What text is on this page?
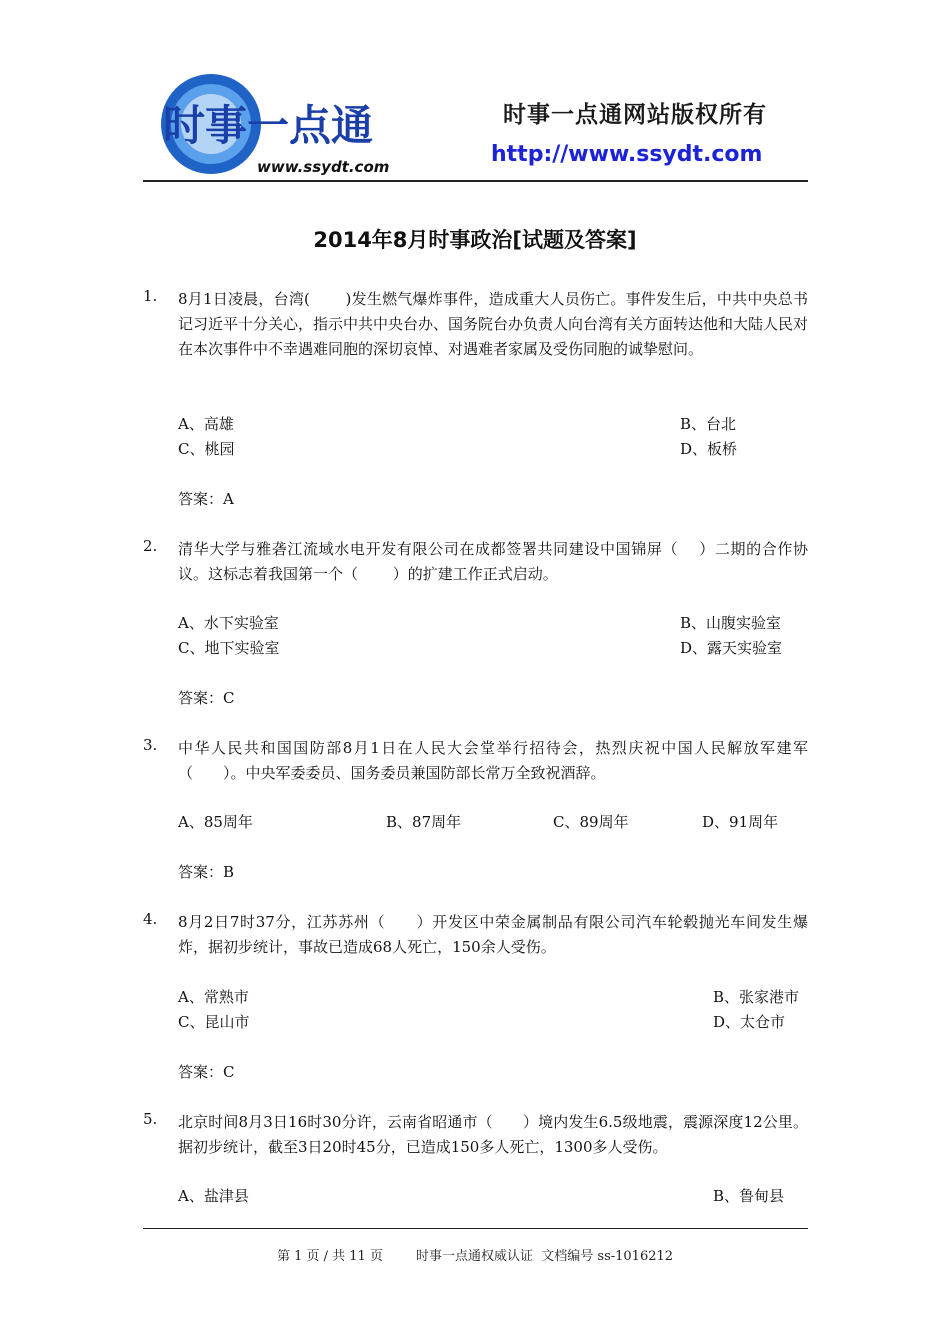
时事一点通
www.ssydt.com
时事一点通网站版权所有
http://www.ssydt.com
2014年8月时事政治[试题及答案]
1. 8月1日凌晨，台湾(　　 )发生燃气爆炸事件，造成重大人员伤亡。事件发生后，中共中央总书记习近平十分关心，指示中共中央台办、国务院台办负责人向台湾有关方面转达他和大陆人民对在本次事件中不幸遇难同胞的深切哀悼、对遇难者家属及受伤同胞的诚挚慰问。
A、高雄	B、台北
C、桃园	D、板桥
答案：A
2. 清华大学与雅砻江流域水电开发有限公司在成都签署共同建设中国锦屏（　 ）二期的合作协议。这标志着我国第一个（　　 ）的扩建工作正式启动。
A、水下实验室	B、山腹实验室
C、地下实验室	D、露天实验室
答案：C
3. 中华人民共和国国防部8月1日在人民大会堂举行招待会，热烈庆祝中国人民解放军建军（　　）。中央军委委员、国务委员兼国防部长常万全致祝酒辞。
A、85周年	B、87周年	C、89周年	D、91周年
答案：B
4. 8月2日7时37分，江苏苏州（　　）开发区中荣金属制品有限公司汽车轮毂抛光车间发生爆炸，据初步统计，事故已造成68人死亡，150余人受伤。
A、常熟市	B、张家港市
C、昆山市	D、太仓市
答案：C
5. 北京时间8月3日16时30分许，云南省昭通市（　　）境内发生6.5级地震，震源深度12公里。据初步统计，截至3日20时45分，已造成150多人死亡，1300多人受伤。
A、盐津县	B、鲁甸县
第 1 页 / 共 11 页        时事一点通权威认证  文档编号 ss-1016212
